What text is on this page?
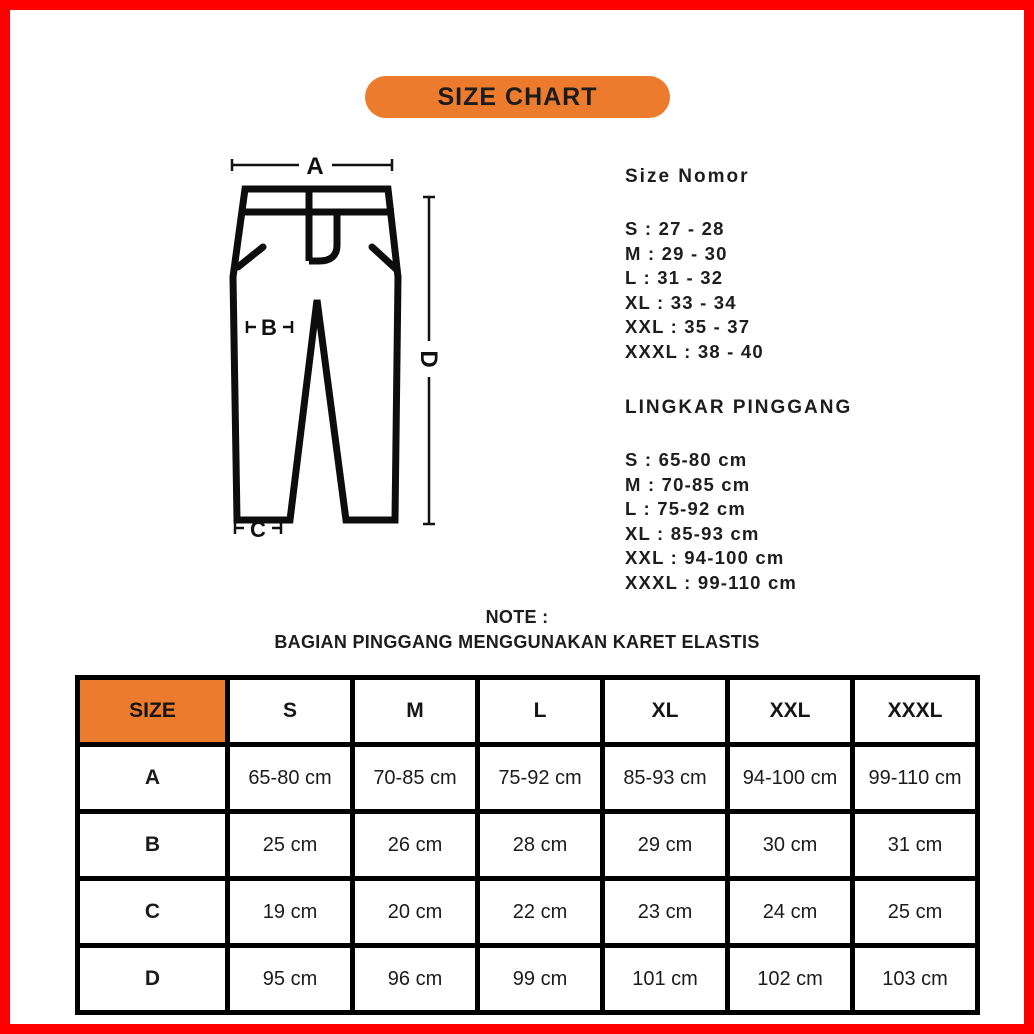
SIZE CHART
A
B
C
D
Size Nomor
S : 27 - 28
M : 29 - 30
L : 31 - 32
XL : 33 - 34
XXL : 35 - 37
XXXL : 38 - 40
LINGKAR PINGGANG
S : 65-80 cm
M : 70-85 cm
L : 75-92 cm
XL : 85-93 cm
XXL : 94-100 cm
XXXL : 99-110 cm
NOTE :
BAGIAN PINGGANG MENGGUNAKAN KARET ELASTIS
SIZE	S	M	L	XL	XXL	XXXL
A	65-80 cm	70-85 cm	75-92 cm	85-93 cm	94-100 cm	99-110 cm
B	25 cm	26 cm	28 cm	29 cm	30 cm	31 cm
C	19 cm	20 cm	22 cm	23 cm	24 cm	25 cm
D	95 cm	96 cm	99 cm	101 cm	102 cm	103 cm
